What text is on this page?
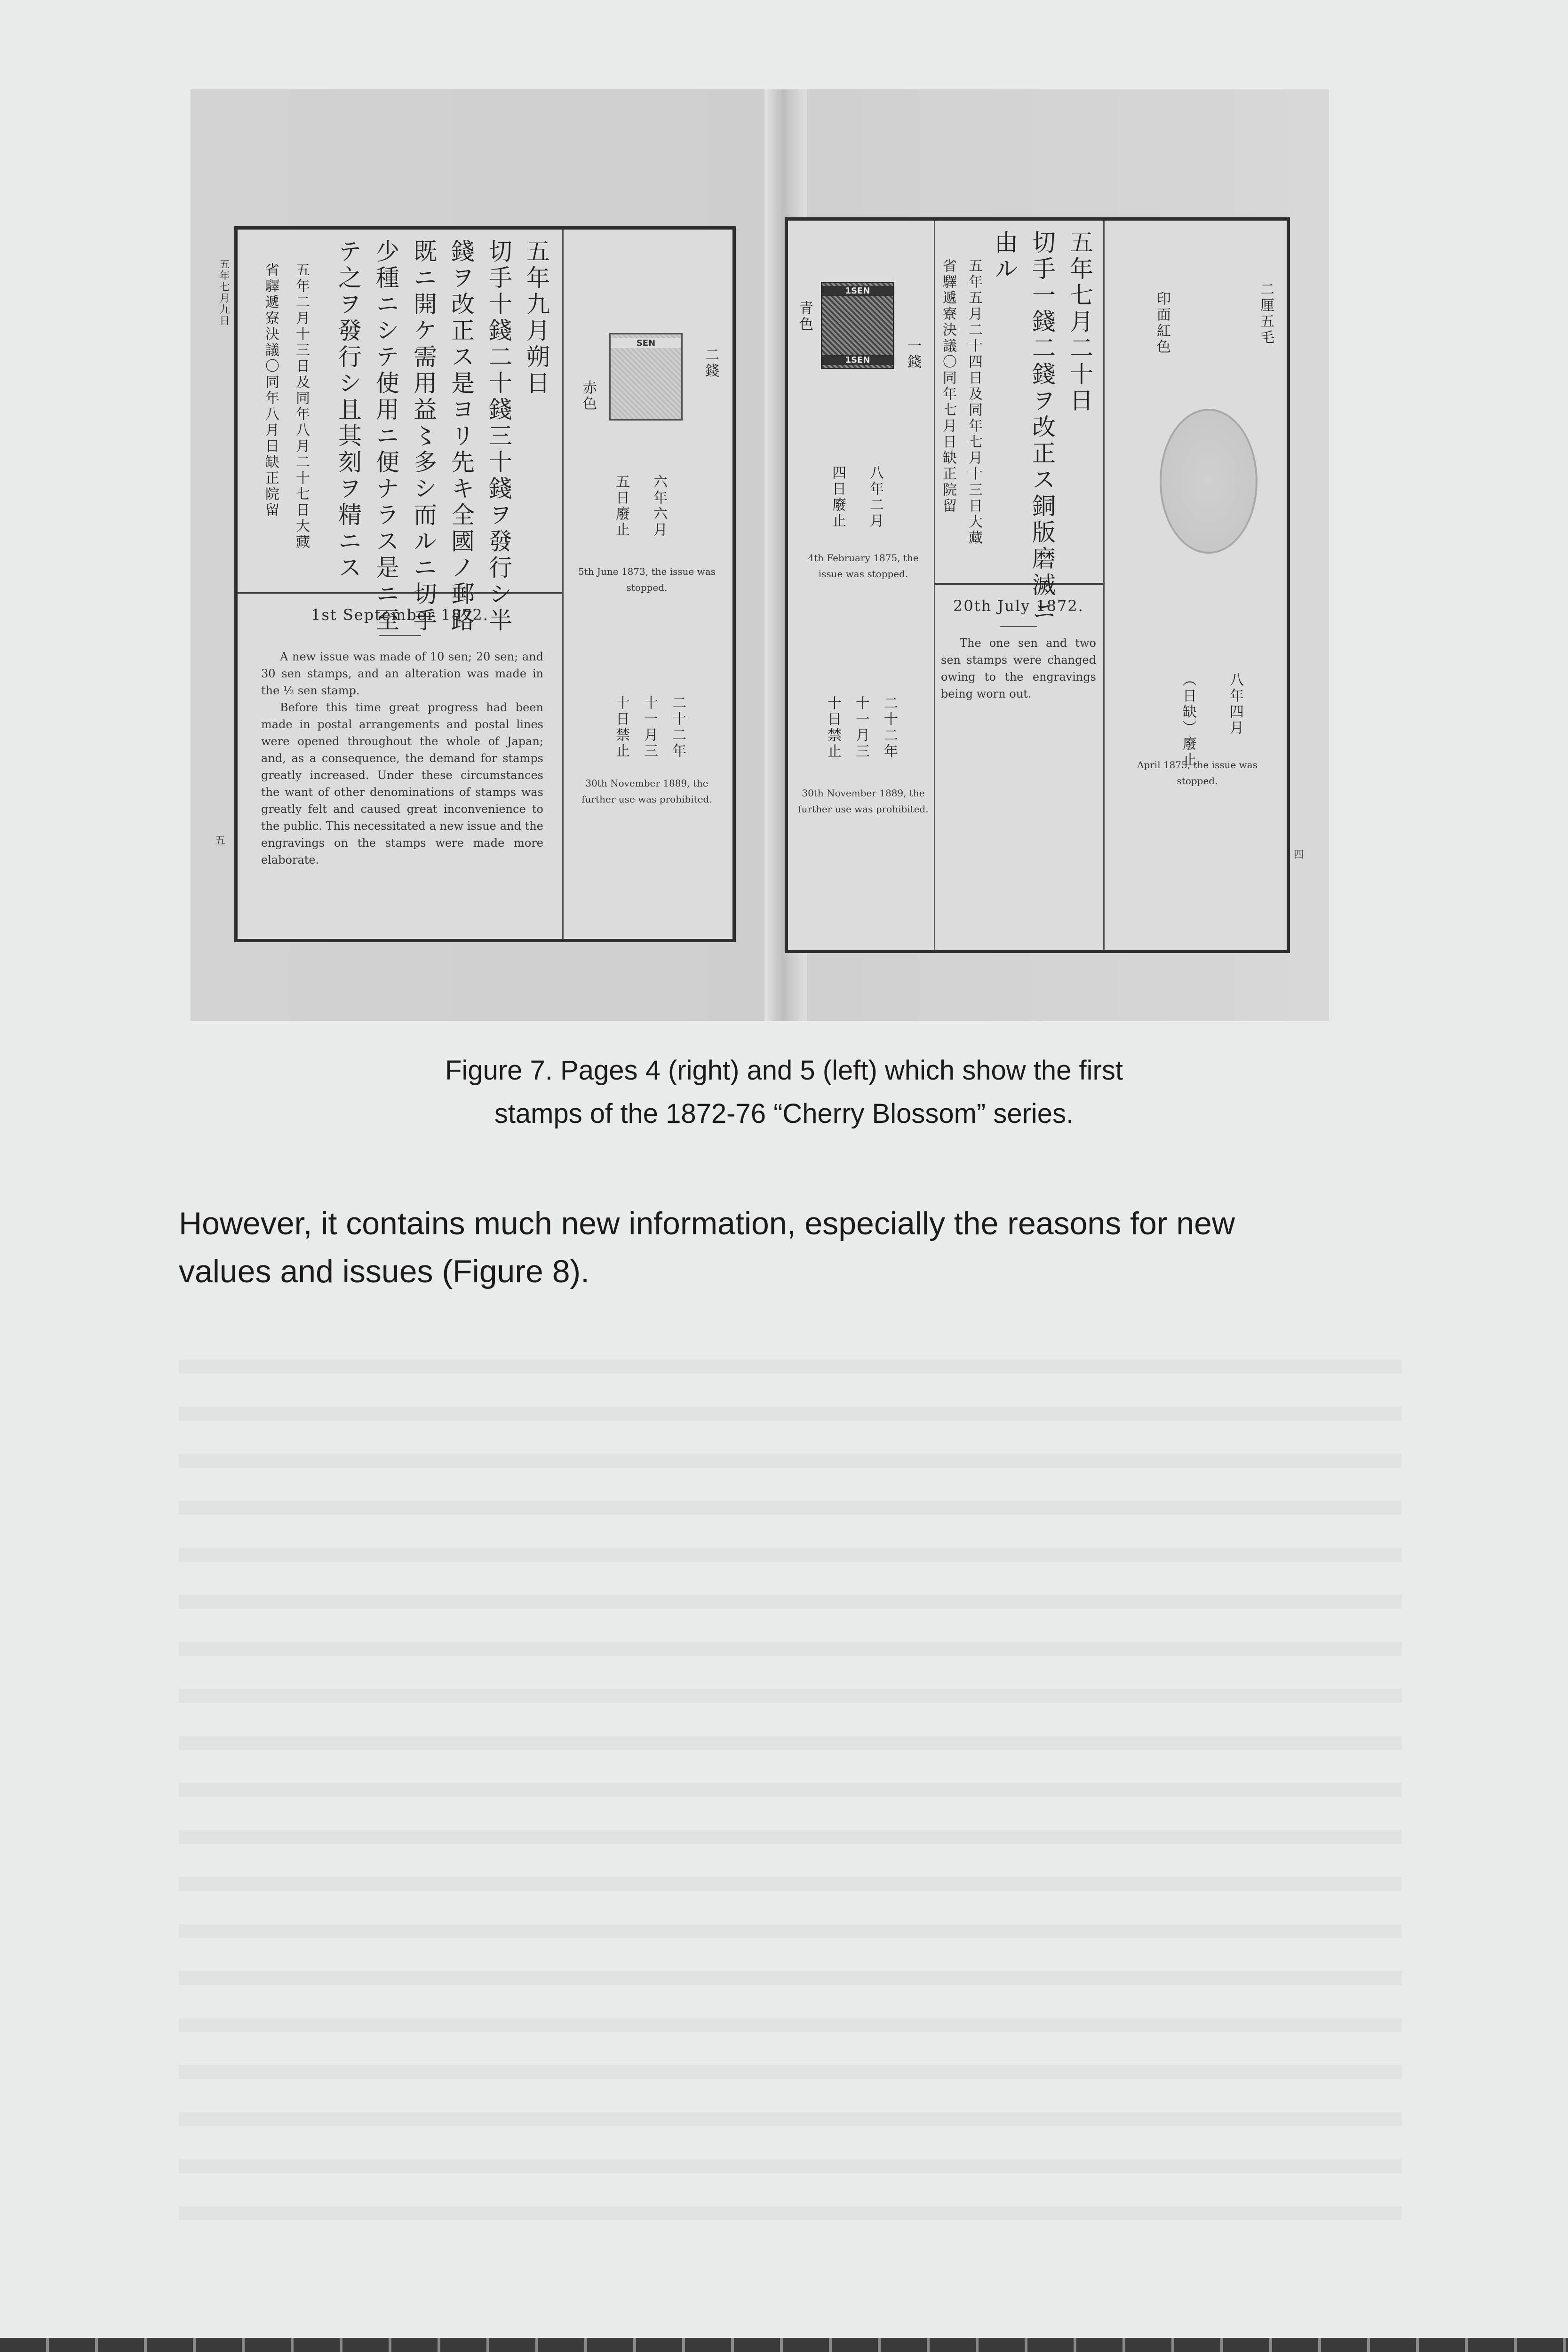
五
五年七月九日	五年九月朔日
切手十錢二十錢三十錢ヲ發行シ半
錢ヲ改正ス是ヨリ先キ全國ノ郵路
既ニ開ケ需用益〻多シ而ルニ切手
少種ニシテ使用ニ便ナラス是ニ至
テ之ヲ發行シ且其刻ヲ精ニス
五年二月十三日及同年八月二十七日大藏
省驛遞寮決議〇同年八月日缺正院留
1st September 1872.

A new issue was made of 10 sen; 20 sen; and 30 sen stamps, and an alteration was made in the ½ sen stamp.

Before this time great progress had been made in postal arrangements and postal lines were opened throughout the whole of Japan; and, as a consequence, the demand for stamps greatly increased. Under these circumstances the want of other denominations of stamps was greatly felt and caused great inconvenience to the public. This necessitated a new issue and the engravings on the stamps were made more elaborate.

二錢
赤色
SEN
六年六月
五日廢止
5th June 1873, the issue was stopped.
二十二年
十一月三
十日禁止
30th November 1889, the further use was prohibited.
四
一錢
青色
1SEN
1SEN
八年二月
四日廢止
4th February 1875, the issue was stopped.
二十二年
十一月三
十日禁止
30th November 1889, the further use was prohibited.
五年七月二十日
切手一錢二錢ヲ改正ス銅版磨滅ニ
由ル
五年五月二十四日及同年七月十三日大藏
省驛遞寮決議〇同年七月日缺正院留
20th July 1872.
The one sen and two sen stamps were changed owing to the engravings being worn out.
二厘五毛
印面紅色
八年四月
（日缺）廢止
April 1875, the issue was stopped.
Figure 7. Pages 4 (right) and 5 (left) which show the first
stamps of the 1872-76 “Cherry Blossom” series.
However, it contains much new information, especially the reasons for new
values and issues (Figure 8).
